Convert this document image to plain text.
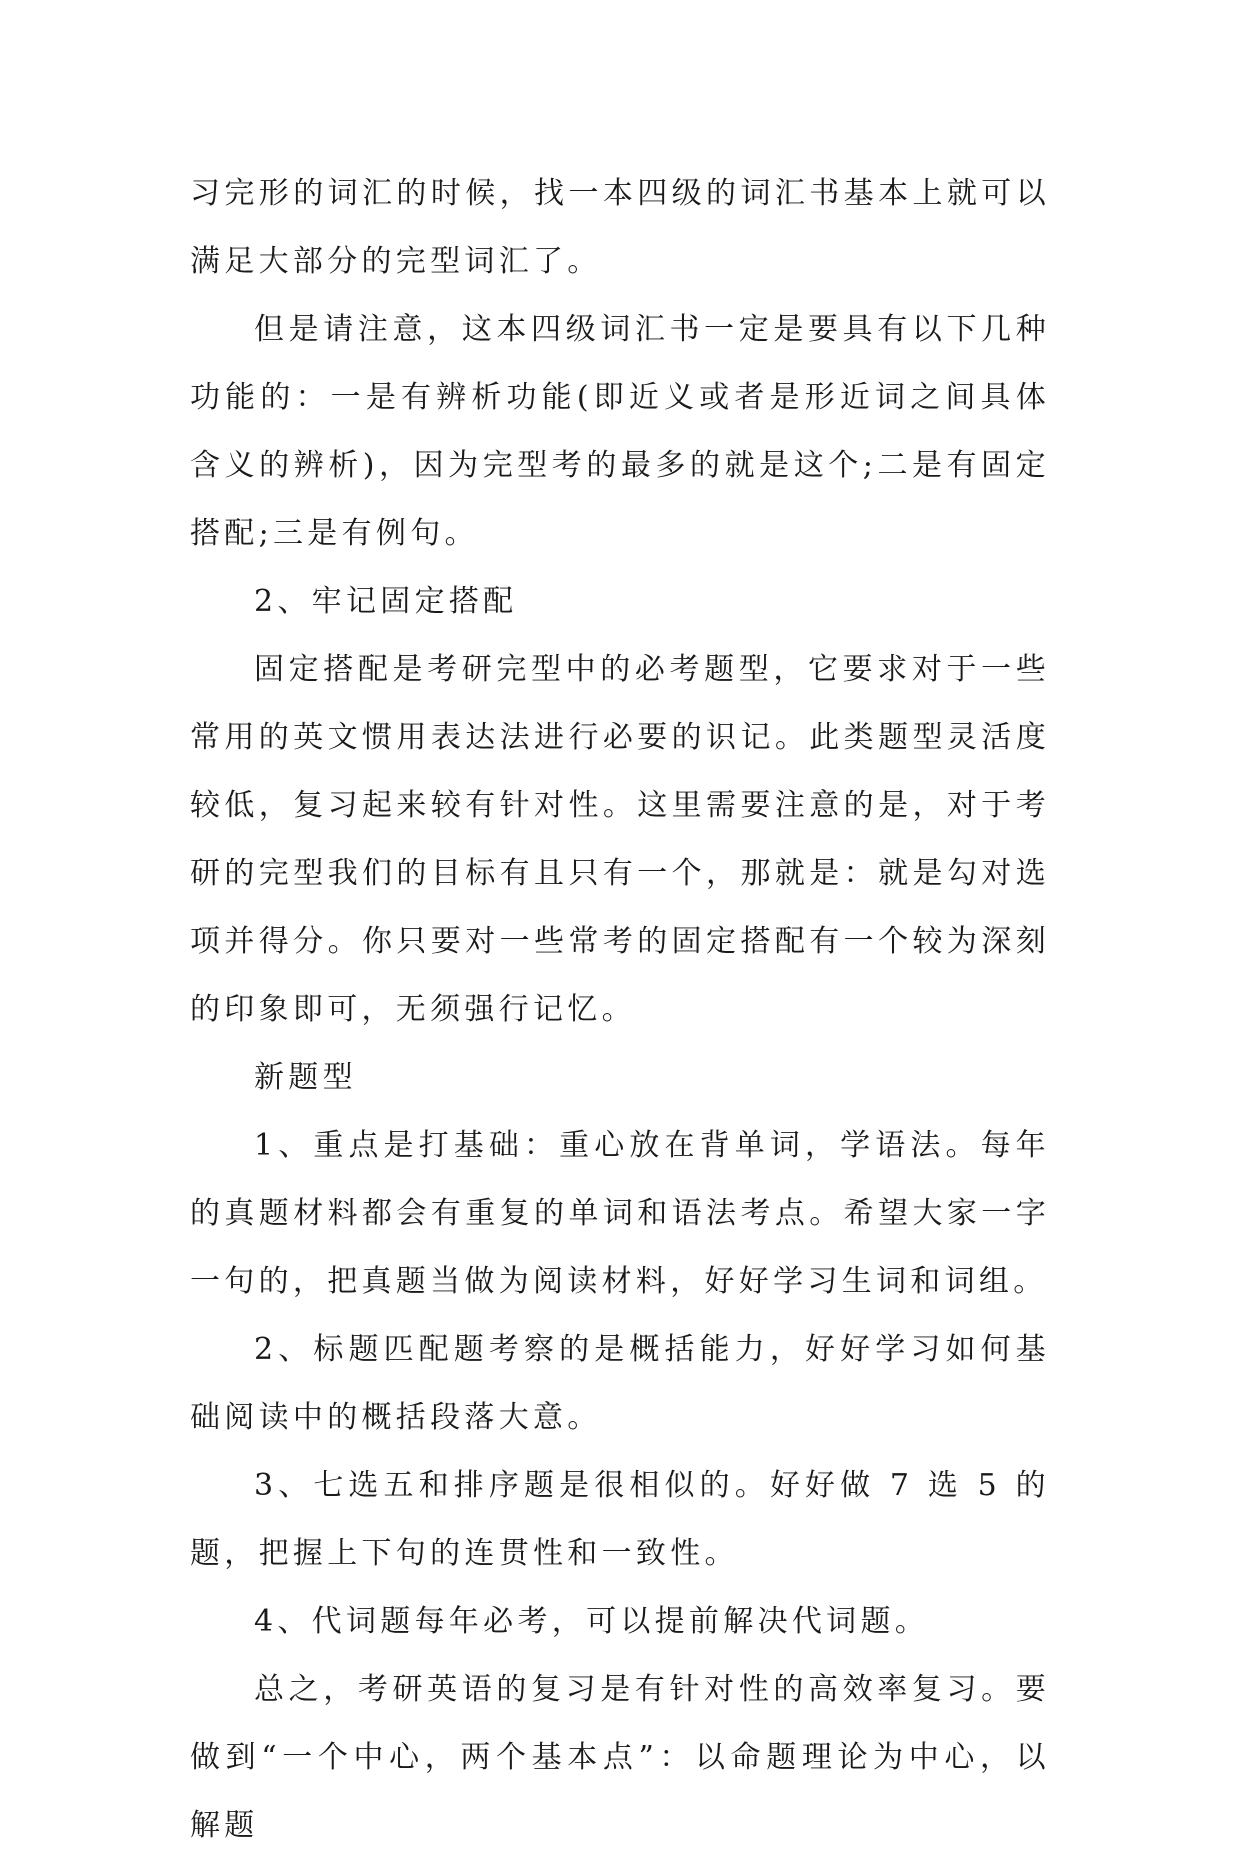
习完形的词汇的时候，找一本四级的词汇书基本上就可以满足大部分的完型词汇了。

但是请注意，这本四级词汇书一定是要具有以下几种功能的：一是有辨析功能(即近义或者是形近词之间具体含义的辨析)，因为完型考的最多的就是这个;二是有固定搭配;三是有例句。

2、牢记固定搭配

固定搭配是考研完型中的必考题型，它要求对于一些常用的英文惯用表达法进行必要的识记。此类题型灵活度较低，复习起来较有针对性。这里需要注意的是，对于考研的完型我们的目标有且只有一个，那就是：就是勾对选项并得分。你只要对一些常考的固定搭配有一个较为深刻的印象即可，无须强行记忆。

新题型

1、重点是打基础：重心放在背单词，学语法。每年的真题材料都会有重复的单词和语法考点。希望大家一字一句的，把真题当做为阅读材料，好好学习生词和词组。

2、标题匹配题考察的是概括能力，好好学习如何基础阅读中的概括段落大意。

3、七选五和排序题是很相似的。好好做 7 选 5 的题，把握上下句的连贯性和一致性。

4、代词题每年必考，可以提前解决代词题。

总之，考研英语的复习是有针对性的高效率复习。要做到“一个中心，两个基本点”：以命题理论为中心，以解题
